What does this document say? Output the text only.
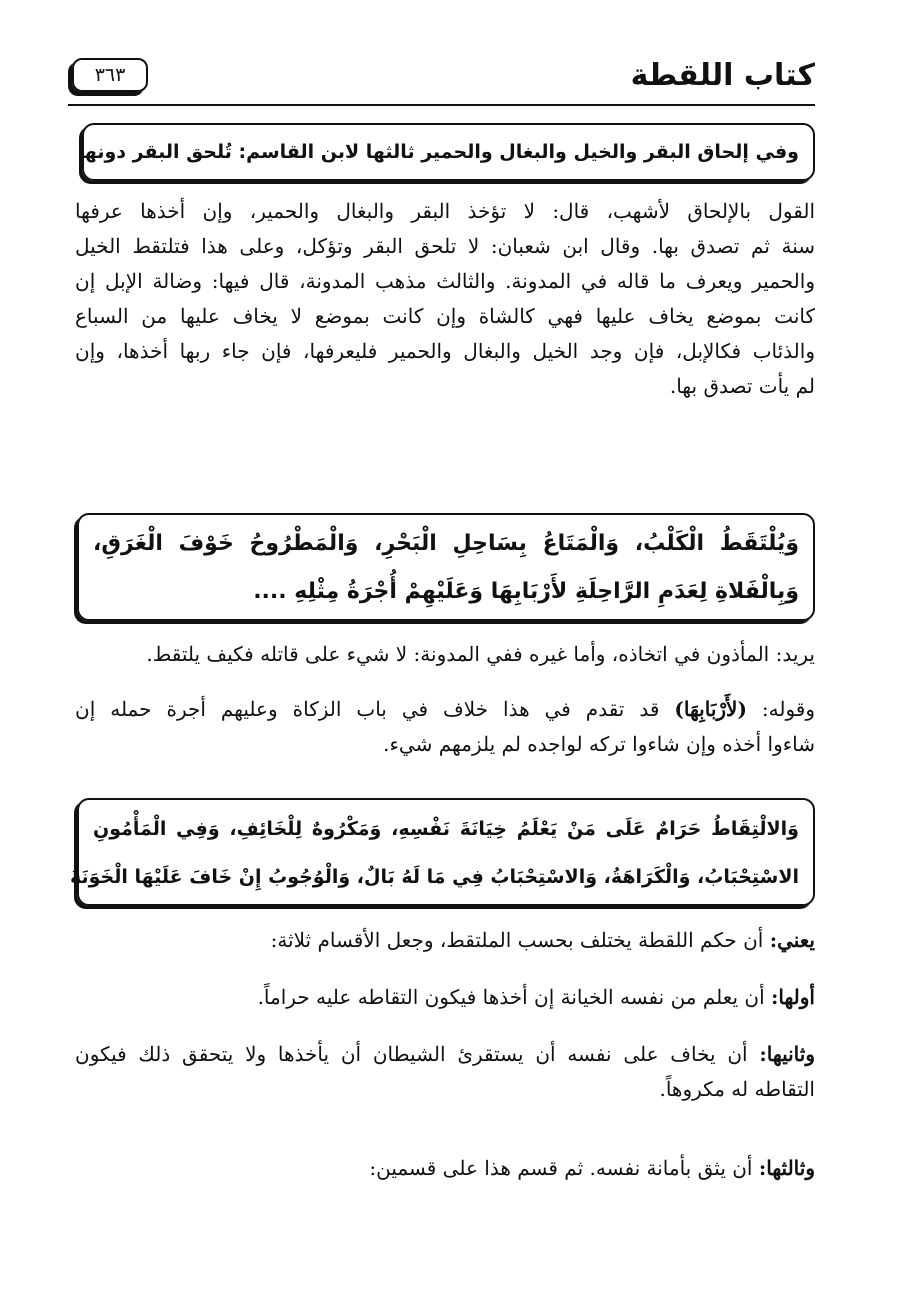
كتاب اللقطة
٣٦٣

وفي إلحاق البقر والخيل والبغال والحمير ثالثها لابن القاسم: تُلحق البقر دونها

القول بالإلحاق لأشهب، قال: لا تؤخذ البقر والبغال والحمير، وإن أخذها عرفها
سنة ثم تصدق بها. وقال ابن شعبان: لا تلحق البقر وتؤكل، وعلى هذا فتلتقط الخيل
والحمير ويعرف ما قاله في المدونة. والثالث مذهب المدونة، قال فيها: وضالة الإبل إن
كانت بموضع يخاف عليها فهي كالشاة وإن كانت بموضع لا يخاف عليها من السباع
والذئاب فكالإبل، فإن وجد الخيل والبغال والحمير فليعرفها، فإن جاء ربها أخذها، وإن
لم يأت تصدق بها.

وَيُلْتَقَطُ الْكَلْبُ، وَالْمَتَاعُ بِسَاحِلِ الْبَحْرِ، وَالْمَطْرُوحُ خَوْفَ الْغَرَقِ،

وَبِالْفَلاةِ لِعَدَمِ الرَّاحِلَةِ لأَرْبَابِهَا وَعَلَيْهِمْ أُجْرَةُ مِثْلِهِ ....

يريد: المأذون في اتخاذه، وأما غيره ففي المدونة: لا شيء على قاتله فكيف يلتقط.
وقوله: (لأَرْبَابِهَا) قد تقدم في هذا خلاف في باب الزكاة وعليهم أجرة حمله إن
شاءوا أخذه وإن شاءوا تركه لواجده لم يلزمهم شيء.

وَالالْتِقَاطُ حَرَامٌ عَلَى مَنْ يَعْلَمُ خِيَانَةَ نَفْسِهِ، وَمَكْرُوهٌ لِلْخَائِفِ، وَفِي الْمَأْمُونِ

الاسْتِحْبَابُ، وَالْكَرَاهَةُ، وَالاسْتِحْبَابُ فِي مَا لَهُ بَالٌ، وَالْوُجُوبُ إِنْ خَافَ عَلَيْهَا الْخَوَنَةَ

يعني: أن حكم اللقطة يختلف بحسب الملتقط، وجعل الأقسام ثلاثة:
أولها: أن يعلم من نفسه الخيانة إن أخذها فيكون التقاطه عليه حراماً.
وثانيها: أن يخاف على نفسه أن يستقرئ الشيطان أن يأخذها ولا يتحقق ذلك فيكون
التقاطه له مكروهاً.
وثالثها: أن يثق بأمانة نفسه. ثم قسم هذا على قسمين:
